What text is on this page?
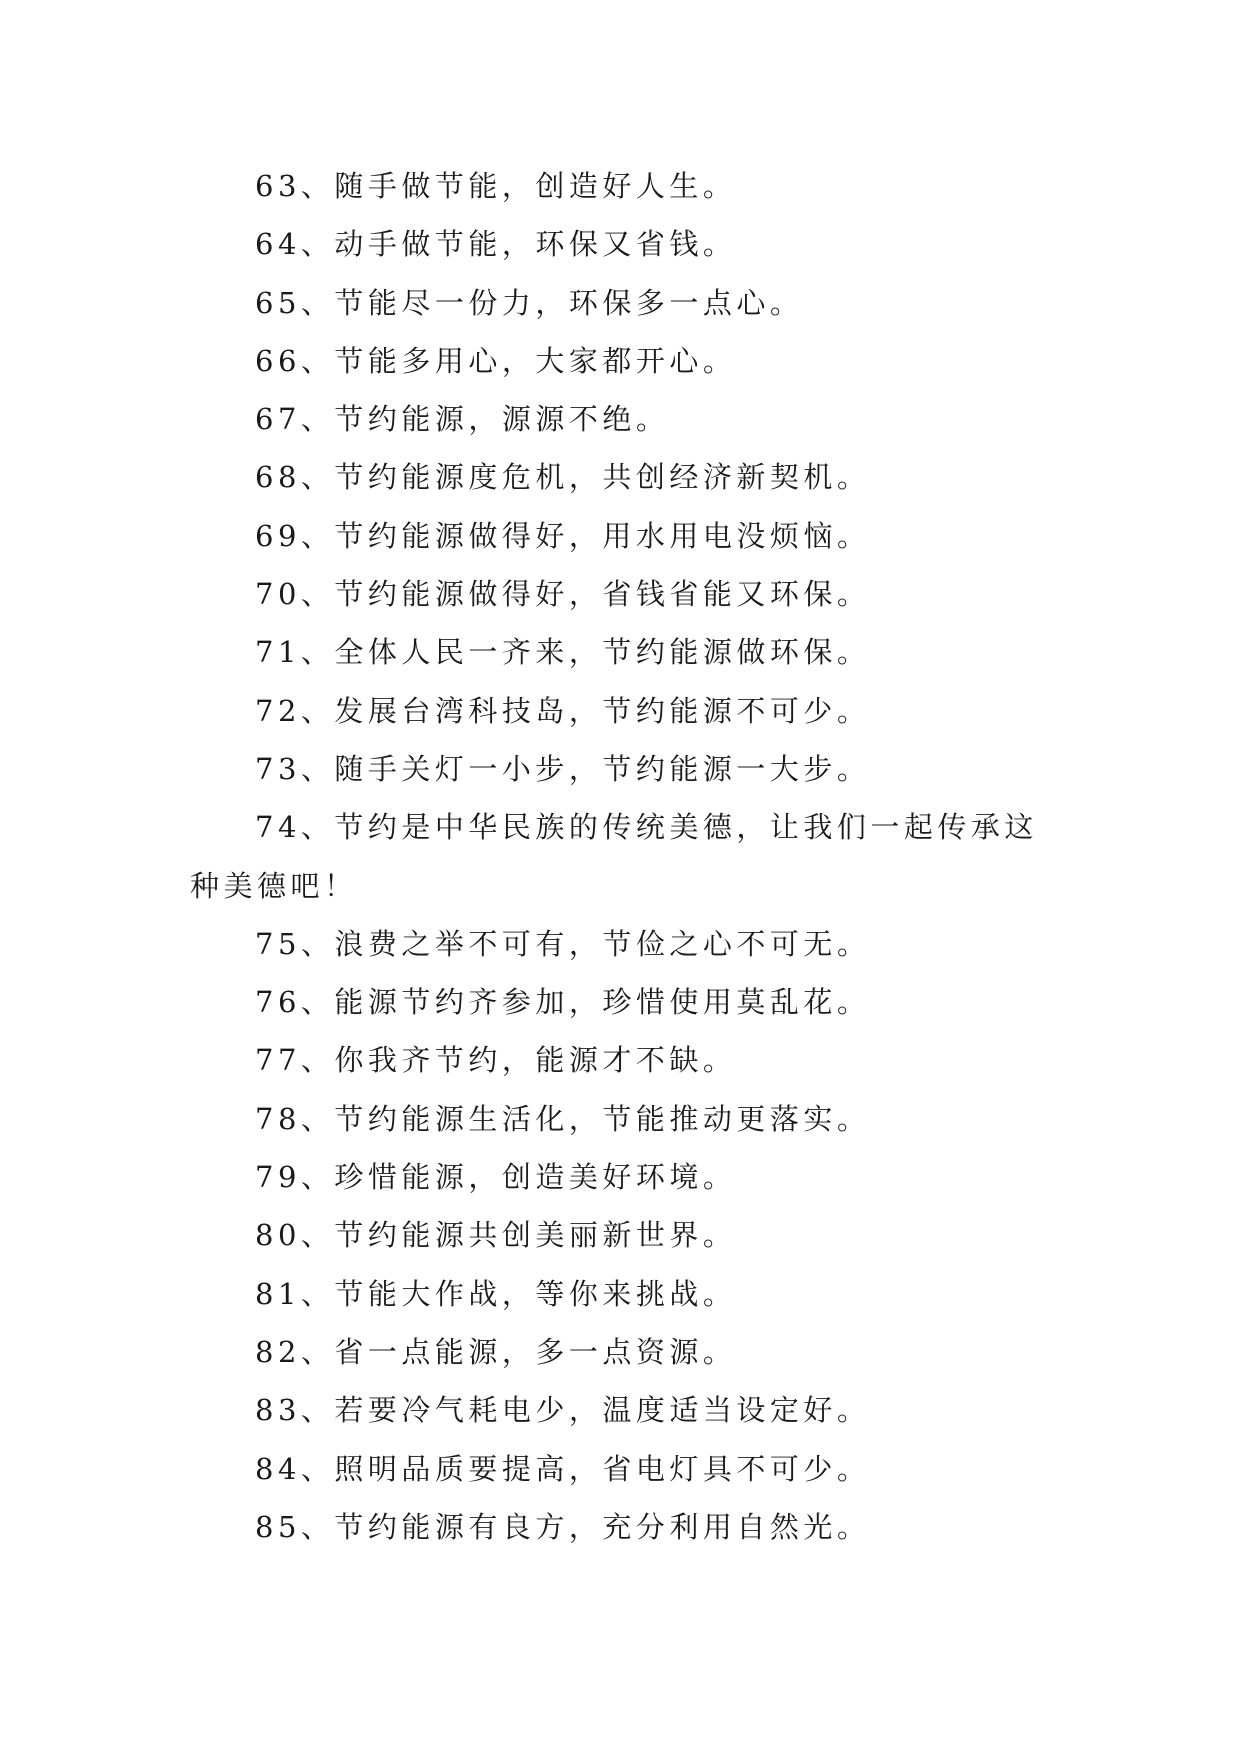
63、随手做节能，创造好人生。

64、动手做节能，环保又省钱。

65、节能尽一份力，环保多一点心。

66、节能多用心，大家都开心。

67、节约能源，源源不绝。

68、节约能源度危机，共创经济新契机。

69、节约能源做得好，用水用电没烦恼。

70、节约能源做得好，省钱省能又环保。

71、全体人民一齐来，节约能源做环保。

72、发展台湾科技岛，节约能源不可少。

73、随手关灯一小步，节约能源一大步。

74、节约是中华民族的传统美德，让我们一起传承这种美德吧！

75、浪费之举不可有，节俭之心不可无。

76、能源节约齐参加，珍惜使用莫乱花。

77、你我齐节约，能源才不缺。

78、节约能源生活化，节能推动更落实。

79、珍惜能源，创造美好环境。

80、节约能源共创美丽新世界。

81、节能大作战，等你来挑战。

82、省一点能源，多一点资源。

83、若要冷气耗电少，温度适当设定好。

84、照明品质要提高，省电灯具不可少。

85、节约能源有良方，充分利用自然光。
